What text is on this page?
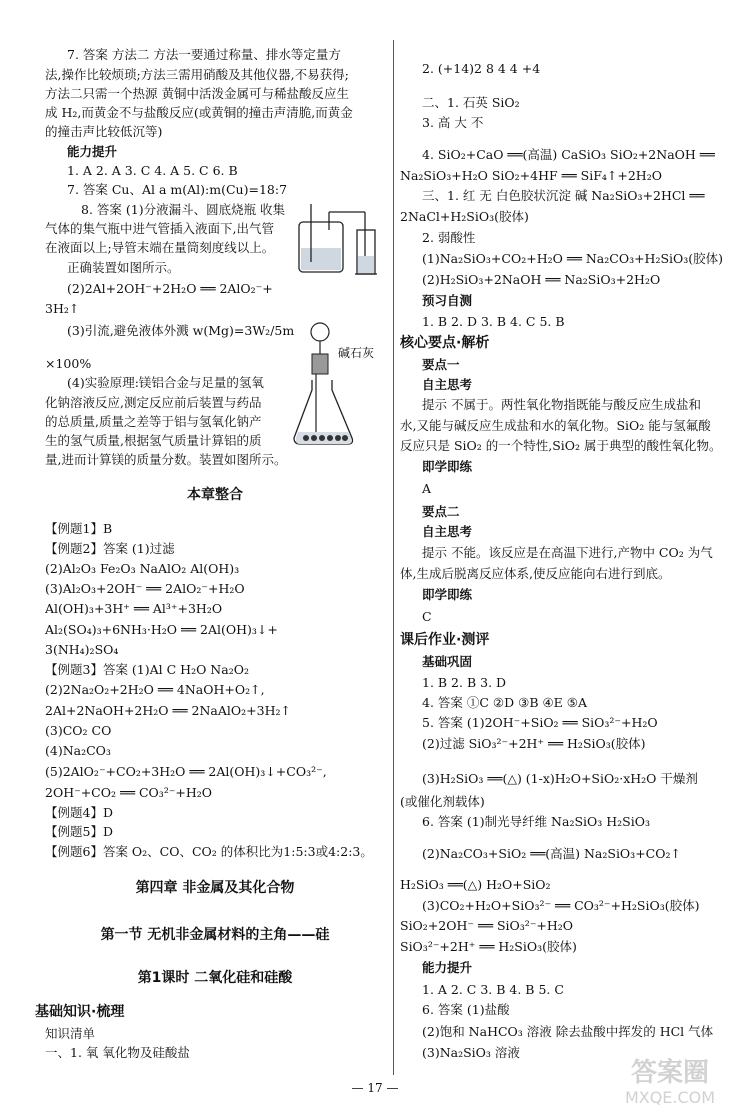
7. 答案 方法二 方法一要通过称量、排水等定量方
法,操作比较烦琐;方法三需用硝酸及其他仪器,不易获得;
方法二只需一个热源 黄铜中活泼金属可与稀盐酸反应生
成 H₂,而黄金不与盐酸反应(或黄铜的撞击声清脆,而黄金
的撞击声比较低沉等)
能力提升
1. A 2. A 3. C 4. A 5. C 6. B
7. 答案 Cu、Al a m(Al):m(Cu)=18:7
8. 答案 (1)分液漏斗、圆底烧瓶 收集
气体的集气瓶中进气管插入液面下,出气管
在液面以上;导管末端在量筒刻度线以上。
正确装置如图所示。
(2)2Al+2OH⁻+2H₂O ══ 2AlO₂⁻+
3H₂↑
(3)引流,避免液体外溅 w(Mg)=3W₂/5m
×100%
(4)实验原理:镁铝合金与足量的氢氧
化钠溶液反应,测定反应前后装置与药品
的总质量,质量之差等于铝与氢氧化钠产
生的氢气质量,根据氢气质量计算铝的质
量,进而计算镁的质量分数。装置如图所示。
本章整合
【例题1】B
【例题2】答案 (1)过滤
(2)Al₂O₃ Fe₂O₃ NaAlO₂ Al(OH)₃
(3)Al₂O₃+2OH⁻ ══ 2AlO₂⁻+H₂O
Al(OH)₃+3H⁺ ══ Al³⁺+3H₂O
Al₂(SO₄)₃+6NH₃·H₂O ══ 2Al(OH)₃↓+
3(NH₄)₂SO₄
【例题3】答案 (1)Al C H₂O Na₂O₂
(2)2Na₂O₂+2H₂O ══ 4NaOH+O₂↑,
2Al+2NaOH+2H₂O ══ 2NaAlO₂+3H₂↑
(3)CO₂ CO
(4)Na₂CO₃
(5)2AlO₂⁻+CO₂+3H₂O ══ 2Al(OH)₃↓+CO₃²⁻,
2OH⁻+CO₂ ══ CO₃²⁻+H₂O
【例题4】D
【例题5】D
【例题6】答案 O₂、CO、CO₂ 的体积比为1:5:3或4:2:3。
第四章 非金属及其化合物
第一节 无机非金属材料的主角——硅
第1课时 二氧化硅和硅酸
基础知识·梳理
知识清单
一、1. 氧 氧化物及硅酸盐
2. (+14)2 8 4 4 +4
二、1. 石英 SiO₂
3. 高 大 不
4. SiO₂+CaO ══(高温) CaSiO₃ SiO₂+2NaOH ══
Na₂SiO₃+H₂O SiO₂+4HF ══ SiF₄↑+2H₂O
三、1. 红 无 白色胶状沉淀 碱 Na₂SiO₃+2HCl ══
2NaCl+H₂SiO₃(胶体)
2. 弱酸性
(1)Na₂SiO₃+CO₂+H₂O ══ Na₂CO₃+H₂SiO₃(胶体)
(2)H₂SiO₃+2NaOH ══ Na₂SiO₃+2H₂O
预习自测
1. B 2. D 3. B 4. C 5. B
核心要点·解析
要点一
自主思考
提示 不属于。两性氧化物指既能与酸反应生成盐和
水,又能与碱反应生成盐和水的氧化物。SiO₂ 能与氢氟酸
反应只是 SiO₂ 的一个特性,SiO₂ 属于典型的酸性氧化物。
即学即练
A
要点二
自主思考
提示 不能。该反应是在高温下进行,产物中 CO₂ 为气
体,生成后脱离反应体系,使反应能向右进行到底。
即学即练
C
课后作业·测评
基础巩固
1. B 2. B 3. D
4. 答案 ①C ②D ③B ④E ⑤A
5. 答案 (1)2OH⁻+SiO₂ ══ SiO₃²⁻+H₂O
(2)过滤 SiO₃²⁻+2H⁺ ══ H₂SiO₃(胶体)
(3)H₂SiO₃ ══(△) (1-x)H₂O+SiO₂·xH₂O 干燥剂
(或催化剂载体)
6. 答案 (1)制光导纤维 Na₂SiO₃ H₂SiO₃
(2)Na₂CO₃+SiO₂ ══(高温) Na₂SiO₃+CO₂↑
H₂SiO₃ ══(△) H₂O+SiO₂
(3)CO₂+H₂O+SiO₃²⁻ ══ CO₃²⁻+H₂SiO₃(胶体)
SiO₂+2OH⁻ ══ SiO₃²⁻+H₂O
SiO₃²⁻+2H⁺ ══ H₂SiO₃(胶体)
能力提升
1. A 2. C 3. B 4. B 5. C
6. 答案 (1)盐酸
(2)饱和 NaHCO₃ 溶液 除去盐酸中挥发的 HCl 气体
(3)Na₂SiO₃ 溶液
碱石灰
— 17 —	答案圈
MXQE.COM
